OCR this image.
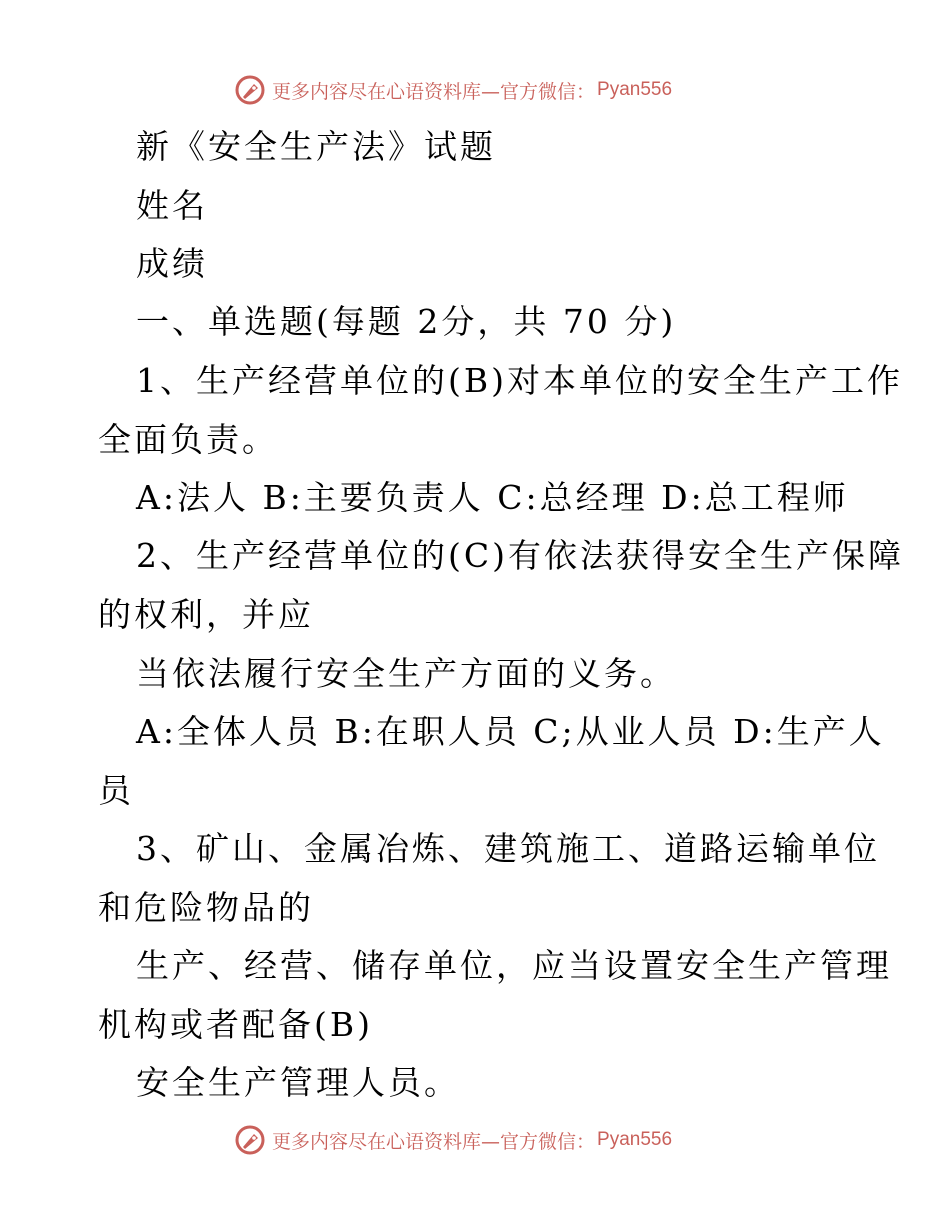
更多内容尽在心语资料库—官方微信： Pyan556
新《安全生产法》试题
姓名
成绩
一、单选题(每题 2分，共 70 分)
1、生产经营单位的(B)对本单位的安全生产工作
全面负责。
A:法人 B:主要负责人 C:总经理 D:总工程师
2、生产经营单位的(C)有依法获得安全生产保障
的权利，并应
当依法履行安全生产方面的义务。
A:全体人员 B:在职人员 C;从业人员 D:生产人
员
3、矿山、金属冶炼、建筑施工、道路运输单位
和危险物品的
生产、经营、储存单位，应当设置安全生产管理
机构或者配备(B)
安全生产管理人员。
更多内容尽在心语资料库—官方微信： Pyan556
